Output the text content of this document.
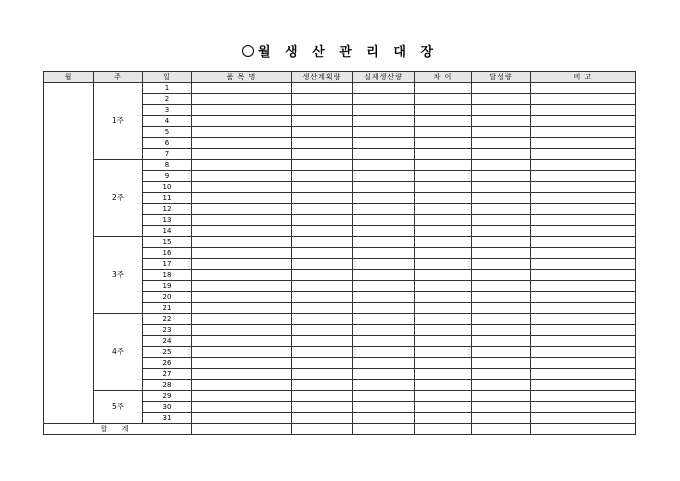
월 생 산 관 리 대 장
월	주	일	품 목 명	생산계획량	실제생산량	차 이	달성량	비 고
	1주	1						
		2						
		3						
		4						
		5						
		6						
		7						
	2주	8						
		9						
		10						
		11						
		12						
		13						
		14						
	3주	15						
		16						
		17						
		18						
		19						
		20						
		21						
	4주	22						
		23						
		24						
		25						
		26						
		27						
		28						
	5주	29						
		30						
		31						
합 계								
